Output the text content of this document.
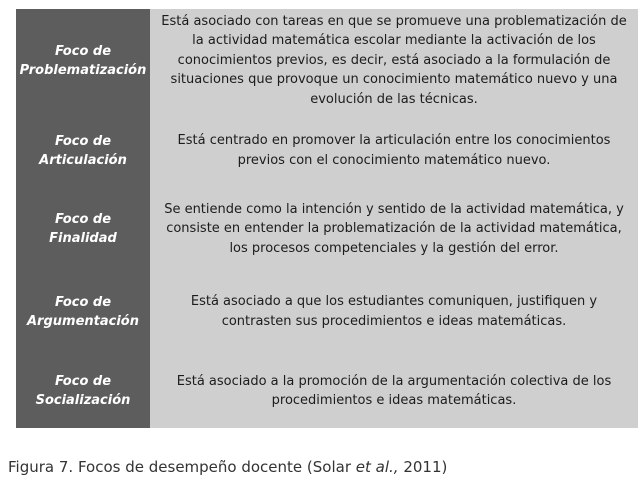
Foco de
Problematización
Está asociado con tareas en que se promueve una problematización de la actividad matemática escolar mediante la activación de los conocimientos previos, es decir, está asociado a la formulación de situaciones que provoque un conocimiento matemático nuevo y una evolución de las técnicas.
Foco de
Articulación
Está centrado en promover la articulación entre los conocimientos previos con el conocimiento matemático nuevo.
Foco de
Finalidad
Se entiende como la intención y sentido de la actividad matemática, y consiste en entender la problematización de la actividad matemática, los procesos competenciales y la gestión del error.
Foco de
Argumentación
Está asociado a que los estudiantes comuniquen, justifiquen y contrasten sus procedimientos e ideas matemáticas.
Foco de
Socialización
Está asociado a la promoción de la argumentación colectiva de los procedimientos e ideas matemáticas.
Figura 7. Focos de desempeño docente (Solar et al., 2011)
